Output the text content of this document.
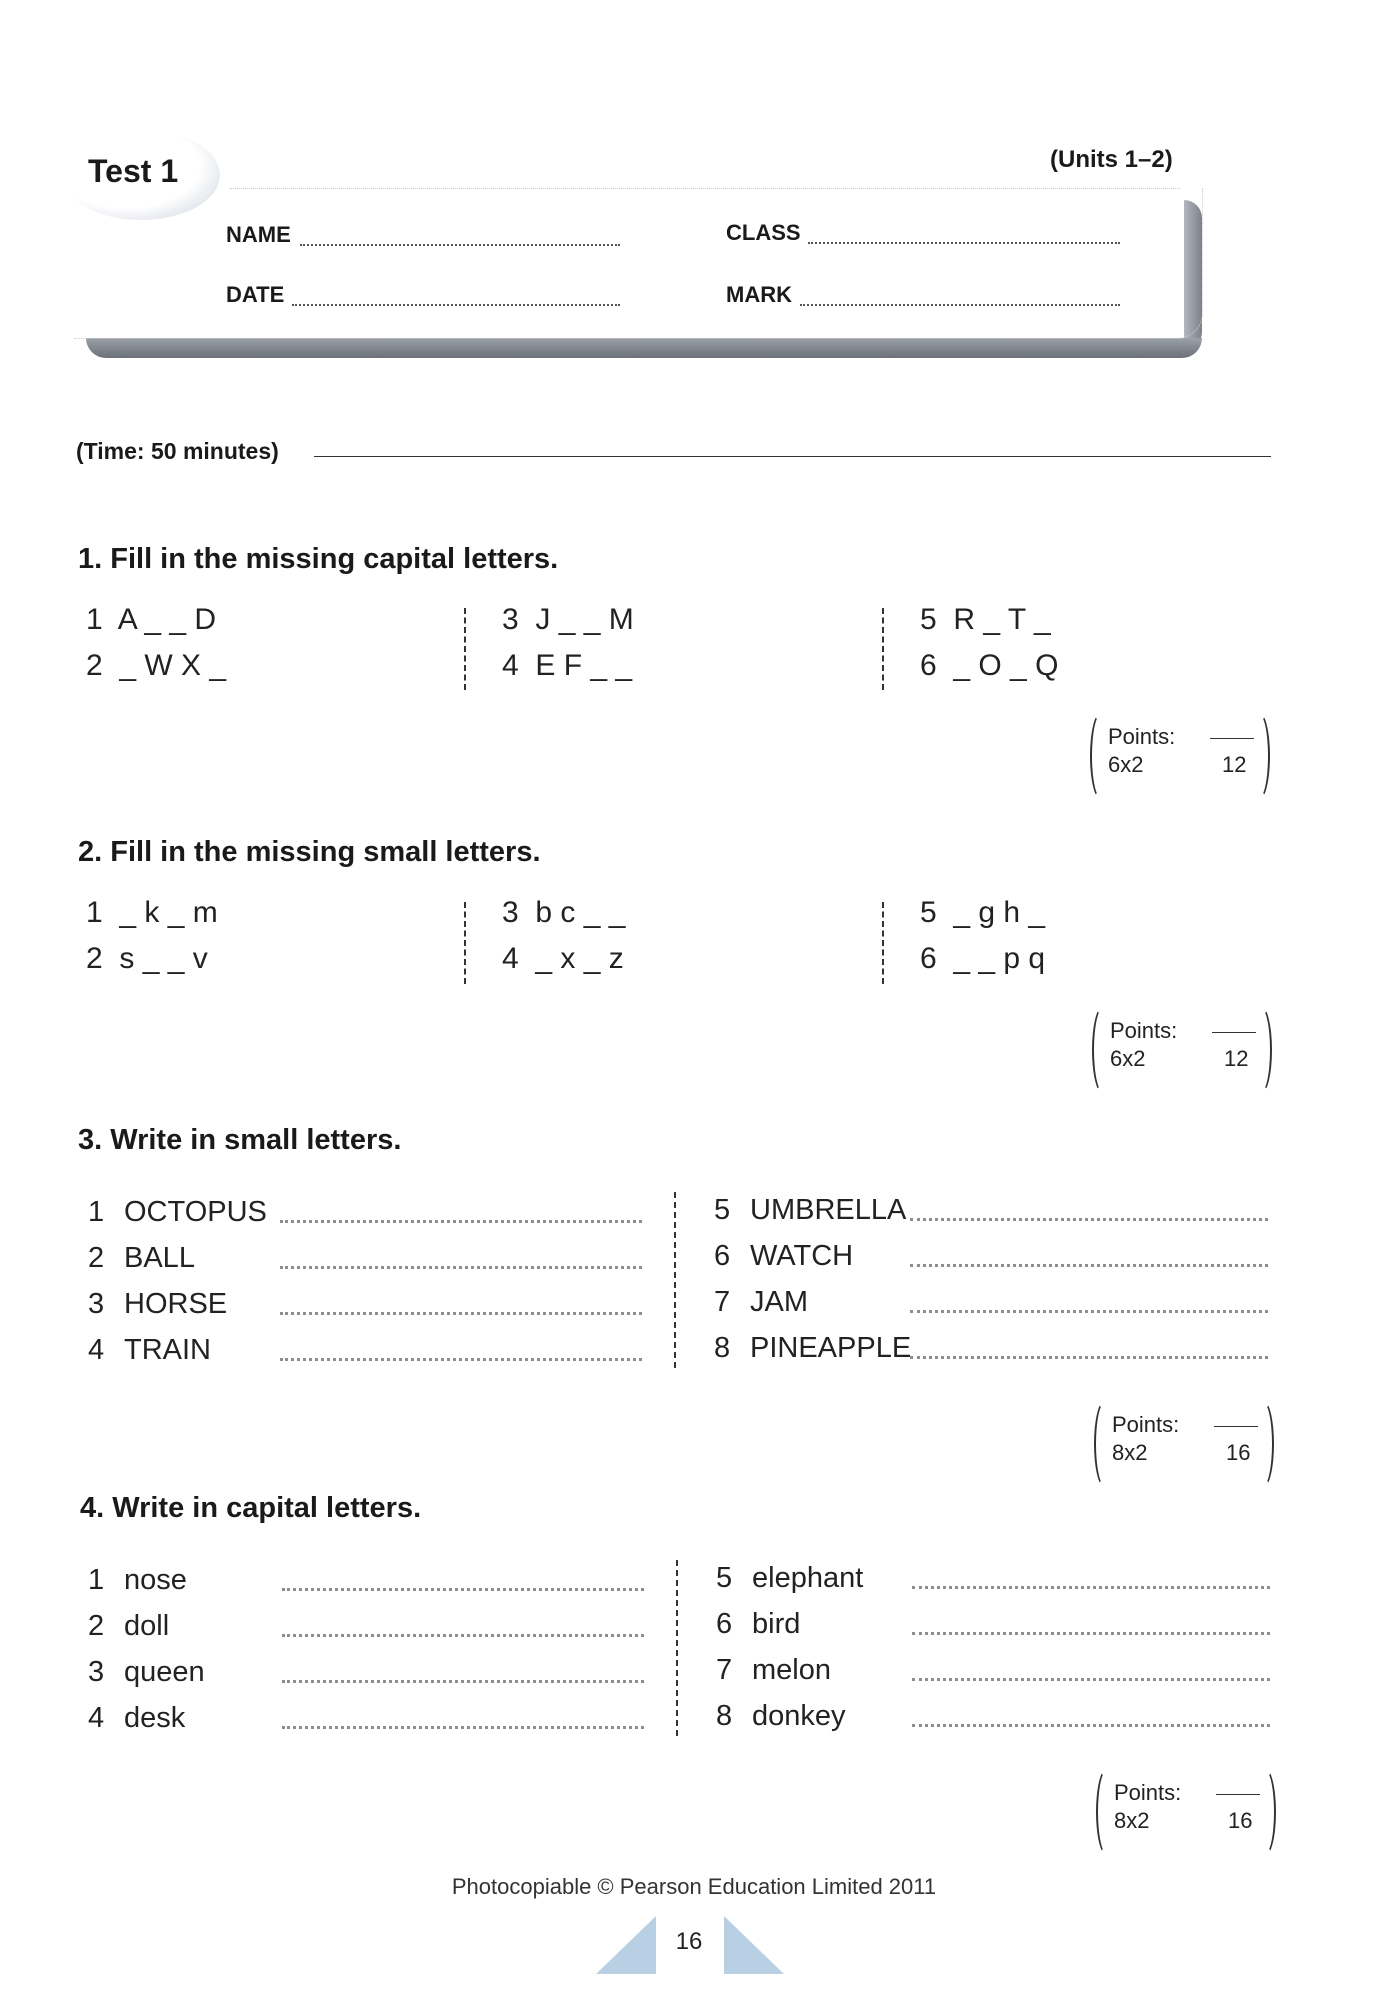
Test 1	(Units 1–2)
NAME	CLASS
DATE	MARK
(Time: 50 minutes)
1. Fill in the missing capital letters.
1  A _ _ D
2  _ W X _
3  J _ _ M
4  E F _ _
5  R _ T _
6  _ O _ Q
Points:
6x2	12
2. Fill in the missing small letters.
1  _ k _ m
2  s _ _ v
3  b c _ _
4  _ x _ z
5  _ g h _
6  _ _ p q
Points:
6x2	12
3. Write in small letters.
1 OCTOPUS
2 BALL
3 HORSE
4 TRAIN
5 UMBRELLA
6 WATCH
7 JAM
8 PINEAPPLE
Points:
8x2	16
4. Write in capital letters.
1 nose
2 doll
3 queen
4 desk
5 elephant
6 bird
7 melon
8 donkey
Points:
8x2	16
Photocopiable © Pearson Education Limited 2011
16
